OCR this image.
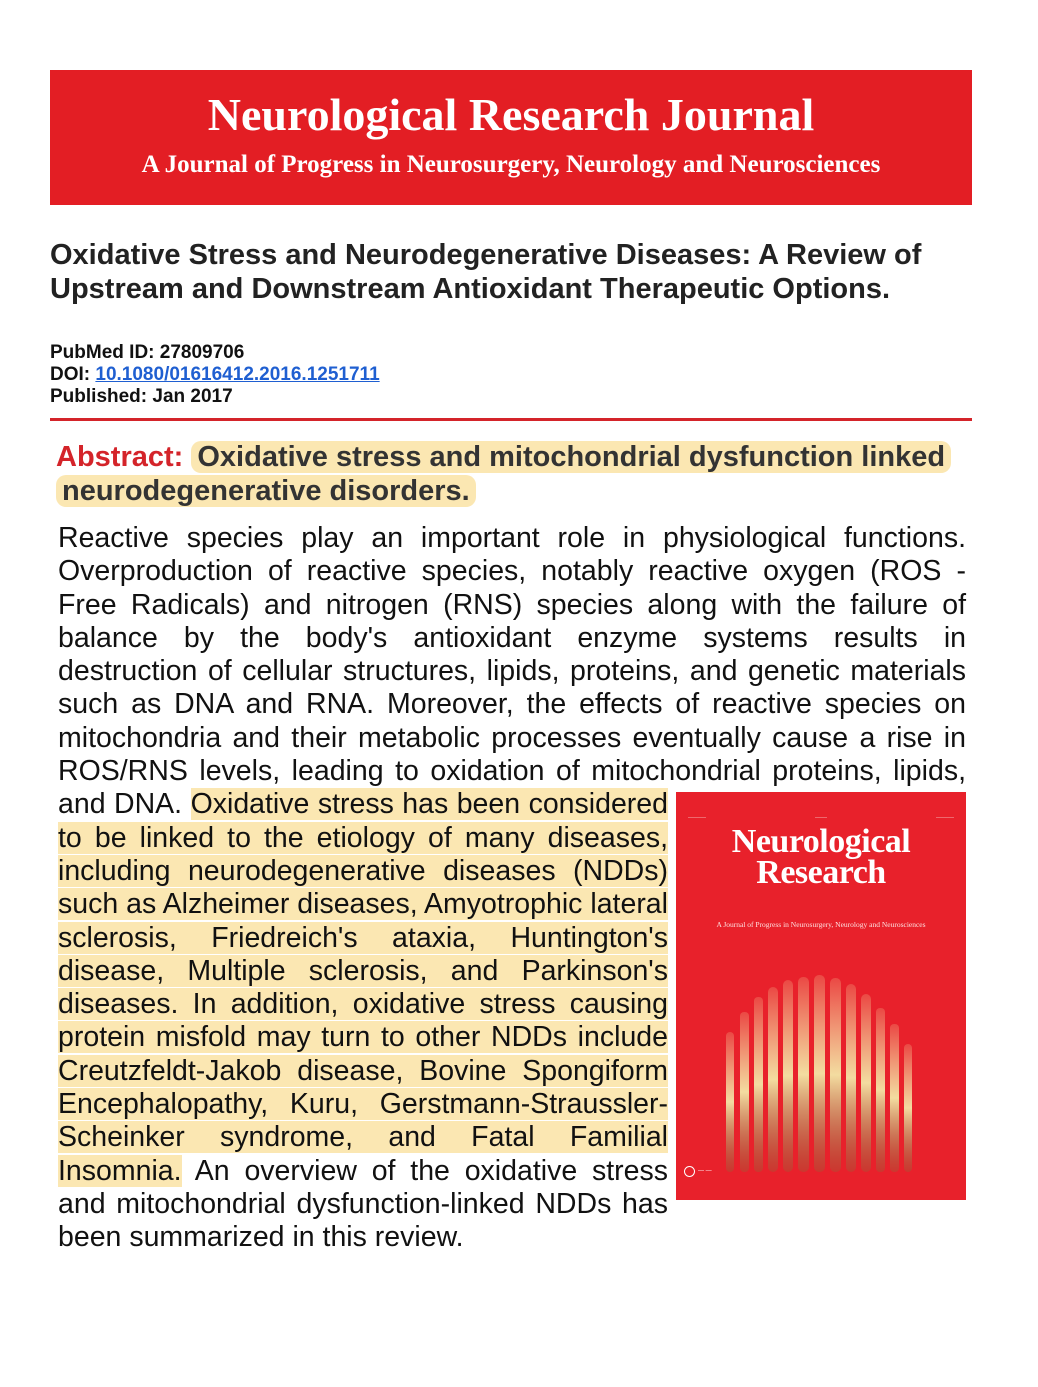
Neurological Research Journal
A Journal of Progress in Neurosurgery, Neurology and Neurosciences
Oxidative Stress and Neurodegenerative Diseases: A Review of Upstream and Downstream Antioxidant Therapeutic Options.
PubMed ID: 27809706
DOI: 10.1080/01616412.2016.1251711
Published: Jan 2017
Abstract: Oxidative stress and mitochondrial dysfunction linked neurodegenerative disorders.
Reactive species play an important role in physiological functions. Overproduction of reactive species, notably reactive oxygen (ROS - Free Radicals) and nitrogen (RNS) species along with the failure of balance by the body's antioxidant enzyme systems results in destruction of cellular structures, lipids, proteins, and genetic materials such as DNA and RNA. Moreover, the effects of reactive species on mitochondria and their metabolic processes eventually cause a rise in ROS/RNS levels, leading to oxidation of mitochondrial proteins, lipids, and DNA.	———	——	———
Neurological
Research
A Journal of Progress in Neurosurgery, Neurology and Neurosciences
— —
Oxidative stress has been considered to be linked to the etiology of many diseases, including neurodegenerative diseases (NDDs) such as Alzheimer diseases, Amyotrophic lateral sclerosis, Friedreich's ataxia, Huntington's disease, Multiple sclerosis, and Parkinson's diseases. In addition, oxidative stress causing protein misfold may turn to other NDDs include Creutzfeldt-Jakob disease, Bovine Spongiform Encephalopathy, Kuru, Gerstmann-Straussler-Scheinker syndrome, and Fatal Familial Insomnia. An overview of the oxidative stress and mitochondrial dysfunction-linked NDDs has been summarized in this review.
